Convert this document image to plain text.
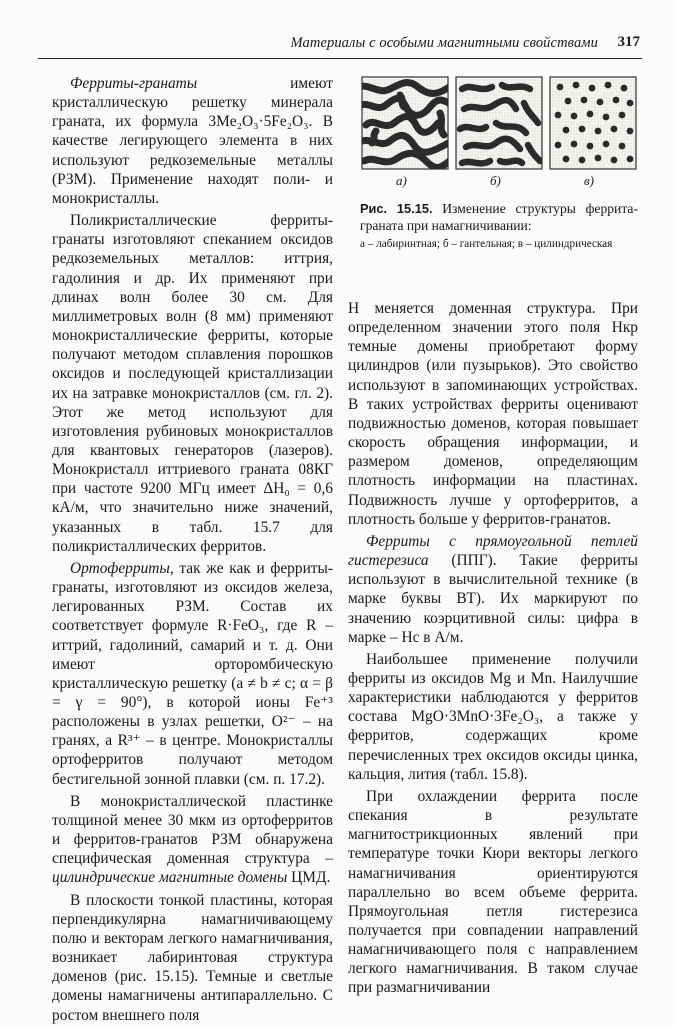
Материалы с особыми магнитными свойствами 317
а)	б)	в)
Рис. 15.15. Изменение структуры феррита-граната при намагничивании:
а – лабиринтная; б – гантельная; в – цилиндрическая

Ферриты-гранаты имеют кристаллическую решетку минерала граната, их формула 3Me₂O₃·5Fe₂O₃. В качестве легирующего элемента в них используют редкоземельные металлы (РЗМ). Применение находят поли- и монокристаллы.

Поликристаллические ферриты-гранаты изготовляют спеканием оксидов редкоземельных металлов: иттрия, гадолиния и др. Их применяют при длинах волн более 30 см. Для миллиметровых волн (8 мм) применяют монокристаллические ферриты, которые получают методом сплавления порошков оксидов и последующей кристаллизации их на затравке монокристаллов (см. гл. 2). Этот же метод используют для изготовления рубиновых монокристаллов для квантовых генераторов (лазеров). Монокристалл иттриевого граната 08КГ при частоте 9200 МГц имеет ΔH₀ = 0,6 кА/м, что значительно ниже значений, указанных в табл. 15.7 для поликристаллических ферритов.

Ортоферриты, так же как и ферриты-гранаты, изготовляют из оксидов железа, легированных РЗМ. Состав их соответствует формуле R·FeO₃, где R – иттрий, гадолиний, самарий и т. д. Они имеют орторомбическую кристаллическую решетку (a ≠ b ≠ c; α = β = γ = 90°), в которой ионы Fe⁺³ расположены в узлах решетки, O²⁻ – на гранях, а R³⁺ – в центре. Монокристаллы ортоферритов получают методом бестигельной зонной плавки (см. п. 17.2).

В монокристаллической пластинке толщиной менее 30 мкм из ортоферритов и ферритов-гранатов РЗМ обнаружена специфическая доменная структура – цилиндрические магнитные домены ЦМД.

В плоскости тонкой пластины, которая перпендикулярна намагничивающему полю и векторам легкого намагничивания, возникает лабиринтовая структура доменов (рис. 15.15). Темные и светлые домены намагничены антипараллельно. С ростом внешнего поля

H меняется доменная структура. При определенном значении этого поля Hкр темные домены приобретают форму цилиндров (или пузырьков). Это свойство используют в запоминающих устройствах. В таких устройствах ферриты оценивают подвижностью доменов, которая повышает скорость обращения информации, и размером доменов, определяющим плотность информации на пластинах. Подвижность лучше у ортоферритов, а плотность больше у ферритов-гранатов.

Ферриты с прямоугольной петлей гистерезиса (ППГ). Такие ферриты используют в вычислительной технике (в марке буквы ВТ). Их маркируют по значению коэрцитивной силы: цифра в марке – Hc в А/м.

Наибольшее применение получили ферриты из оксидов Mg и Mn. Наилучшие характеристики наблюдаются у ферритов состава MgO·3MnO·3Fe₂O₃, а также у ферритов, содержащих кроме перечисленных трех оксидов оксиды цинка, кальция, лития (табл. 15.8).

При охлаждении феррита после спекания в результате магнитострикционных явлений при температуре точки Кюри векторы легкого намагничивания ориентируются параллельно во всем объеме феррита. Прямоугольная петля гистерезиса получается при совпадении направлений намагничивающего поля с направлением легкого намагничивания. В таком случае при размагничивании
